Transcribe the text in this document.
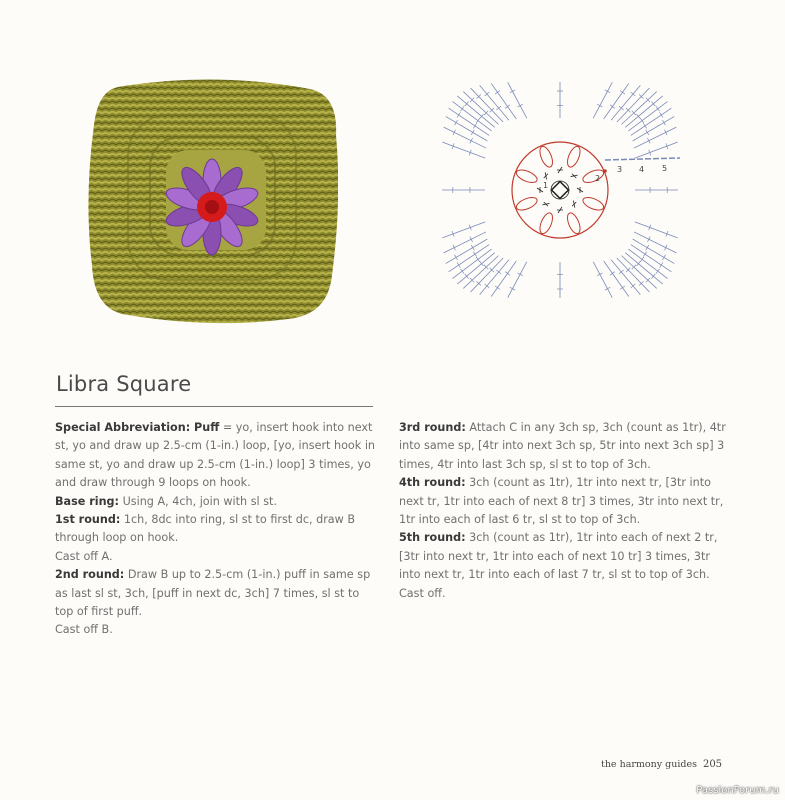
1
2
3 4 5
Libra Square

Special Abbreviation: Puff = yo, insert hook into next st, yo and draw up 2.5-cm (1-in.) loop, [yo, insert hook in same st, yo and draw up 2.5-cm (1-in.) loop] 3 times, yo and draw through 9 loops on hook.

Base ring: Using A, 4ch, join with sl st.

1st round: 1ch, 8dc into ring, sl st to first dc, draw B through loop on hook.

Cast off A.

2nd round: Draw B up to 2.5-cm (1-in.) puff in same sp as last sl st, 3ch, [puff in next dc, 3ch] 7 times, sl st to top of first puff.

Cast off B.

3rd round: Attach C in any 3ch sp, 3ch (count as 1tr), 4tr into same sp, [4tr into next 3ch sp, 5tr into next 3ch sp] 3 times, 4tr into last 3ch sp, sl st to top of 3ch.

4th round: 3ch (count as 1tr), 1tr into next tr, [3tr into next tr, 1tr into each of next 8 tr] 3 times, 3tr into next tr, 1tr into each of last 6 tr, sl st to top of 3ch.

5th round: 3ch (count as 1tr), 1tr into each of next 2 tr, [3tr into next tr, 1tr into each of next 10 tr] 3 times, 3tr into next tr, 1tr into each of last 7 tr, sl st to top of 3ch.

Cast off.

the harmony guides 205
PassionForum.ru
